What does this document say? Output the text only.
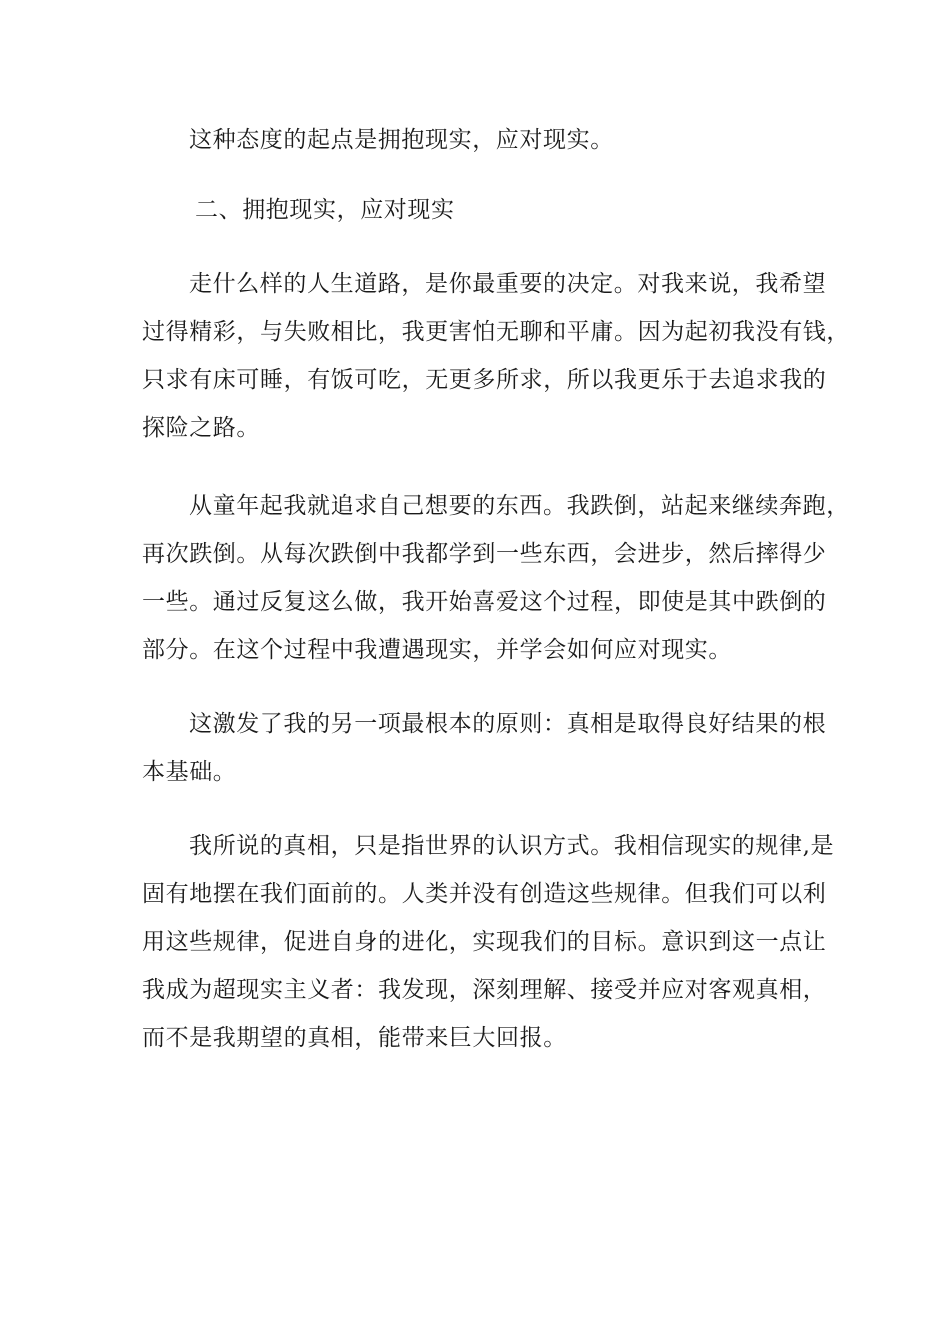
这种态度的起点是拥抱现实，应对现实。

二、拥抱现实，应对现实

走什么样的人生道路，是你最重要的决定。对我来说，我希望
过得精彩，与失败相比，我更害怕无聊和平庸。因为起初我没有钱，
只求有床可睡，有饭可吃，无更多所求，所以我更乐于去追求我的
探险之路。

从童年起我就追求自己想要的东西。我跌倒，站起来继续奔跑，
再次跌倒。从每次跌倒中我都学到一些东西，会进步，然后摔得少
一些。通过反复这么做，我开始喜爱这个过程，即使是其中跌倒的
部分。在这个过程中我遭遇现实，并学会如何应对现实。

这激发了我的另一项最根本的原则：真相是取得良好结果的根
本基础。

我所说的真相，只是指世界的认识方式。我相信现实的规律,是
固有地摆在我们面前的。人类并没有创造这些规律。但我们可以利
用这些规律，促进自身的进化，实现我们的目标。意识到这一点让
我成为超现实主义者：我发现，深刻理解、接受并应对客观真相，
而不是我期望的真相，能带来巨大回报。
